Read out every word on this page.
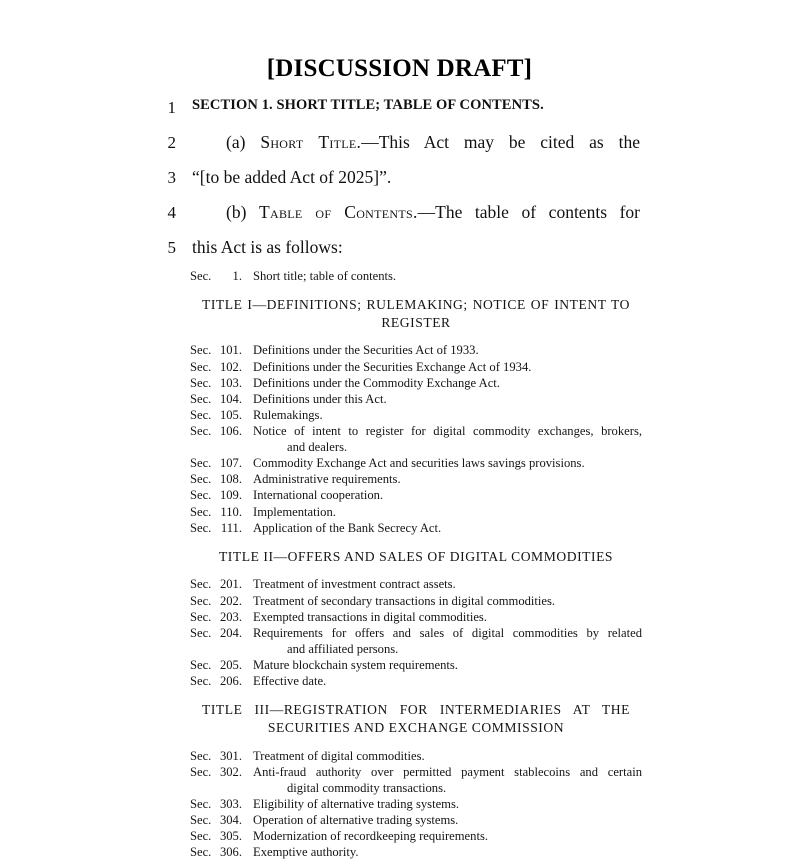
[DISCUSSION DRAFT]
1 SECTION 1. SHORT TITLE; TABLE OF CONTENTS.
2	(a) Short Title.—This Act may be cited as the
3 “[to be added Act of 2025]”.
4	(b) Table of Contents.—The table of contents for
5 this Act is as follows:
Sec.	1. Short title; table of contents.
TITLE I—DEFINITIONS; RULEMAKING; NOTICE OF INTENT TO
REGISTER
Sec. 101. Definitions under the Securities Act of 1933.
Sec. 102. Definitions under the Securities Exchange Act of 1934.
Sec. 103. Definitions under the Commodity Exchange Act.
Sec. 104. Definitions under this Act.
Sec. 105. Rulemakings.
Sec. 106. Notice of intent to register for digital commodity exchanges, brokers,
and dealers.
Sec. 107. Commodity Exchange Act and securities laws savings provisions.
Sec. 108. Administrative requirements.
Sec. 109. International cooperation.
Sec. 110. Implementation.
Sec. 111. Application of the Bank Secrecy Act.
TITLE II—OFFERS AND SALES OF DIGITAL COMMODITIES
Sec. 201. Treatment of investment contract assets.
Sec. 202. Treatment of secondary transactions in digital commodities.
Sec. 203. Exempted transactions in digital commodities.
Sec. 204. Requirements for offers and sales of digital commodities by related
and affiliated persons.
Sec. 205. Mature blockchain system requirements.
Sec. 206. Effective date.
TITLE III—REGISTRATION FOR INTERMEDIARIES AT THE
SECURITIES AND EXCHANGE COMMISSION
Sec. 301. Treatment of digital commodities.
Sec. 302. Anti-fraud authority over permitted payment stablecoins and certain
digital commodity transactions.
Sec. 303. Eligibility of alternative trading systems.
Sec. 304. Operation of alternative trading systems.
Sec. 305. Modernization of recordkeeping requirements.
Sec. 306. Exemptive authority.
